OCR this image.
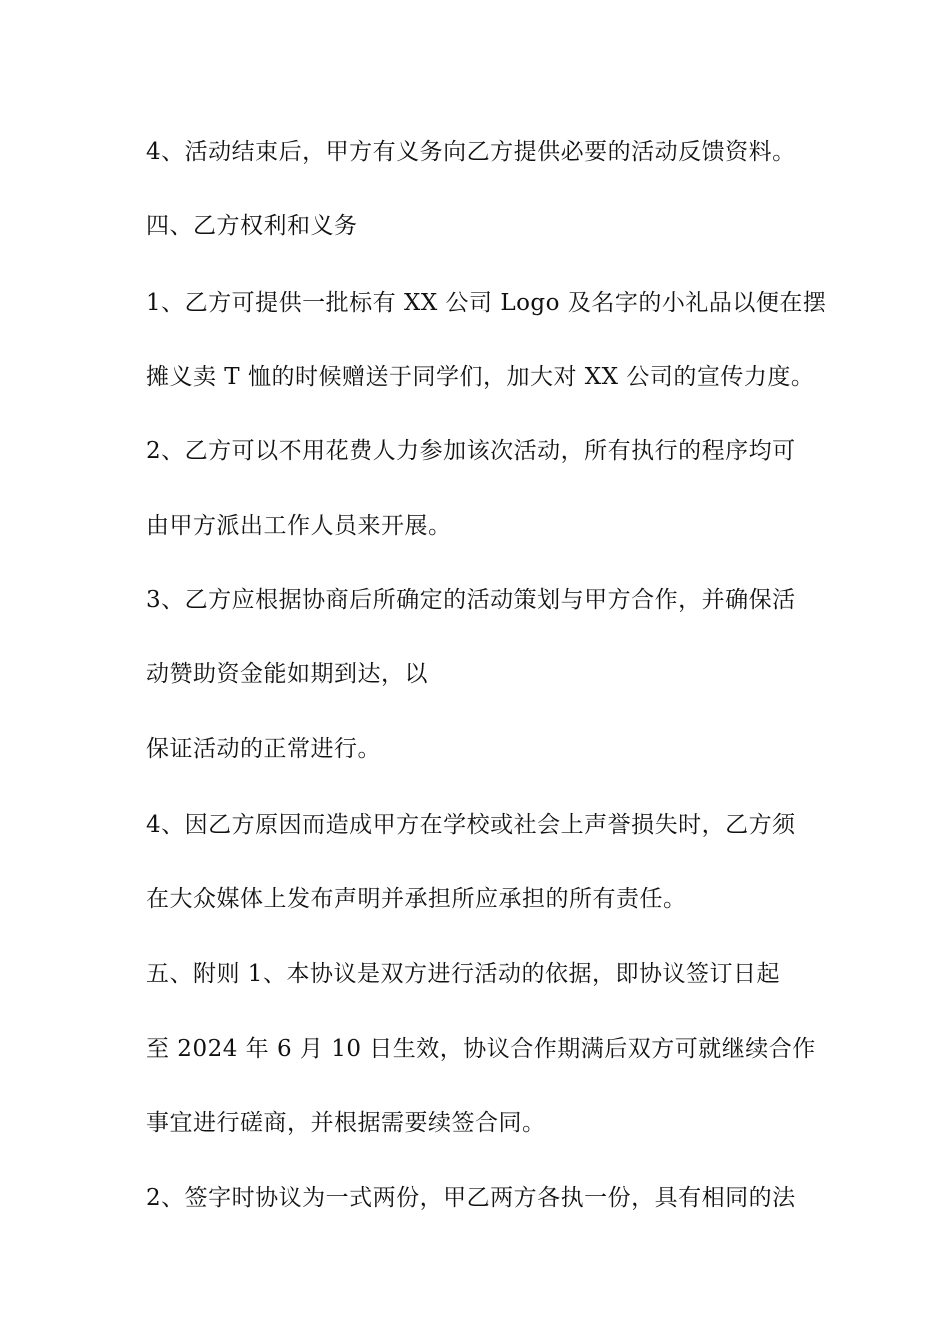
4、活动结束后，甲方有义务向乙方提供必要的活动反馈资料。
四、乙方权利和义务
1、乙方可提供一批标有 XX 公司 Logo 及名字的小礼品以便在摆
摊义卖 T 恤的时候赠送于同学们，加大对 XX 公司的宣传力度。
2、乙方可以不用花费人力参加该次活动，所有执行的程序均可
由甲方派出工作人员来开展。
3、乙方应根据协商后所确定的活动策划与甲方合作，并确保活
动赞助资金能如期到达，以
保证活动的正常进行。
4、因乙方原因而造成甲方在学校或社会上声誉损失时，乙方须
在大众媒体上发布声明并承担所应承担的所有责任。
五、附则 1、本协议是双方进行活动的依据，即协议签订日起
至 2024 年 6 月 10 日生效，协议合作期满后双方可就继续合作
事宜进行磋商，并根据需要续签合同。
2、签字时协议为一式两份，甲乙两方各执一份，具有相同的法
